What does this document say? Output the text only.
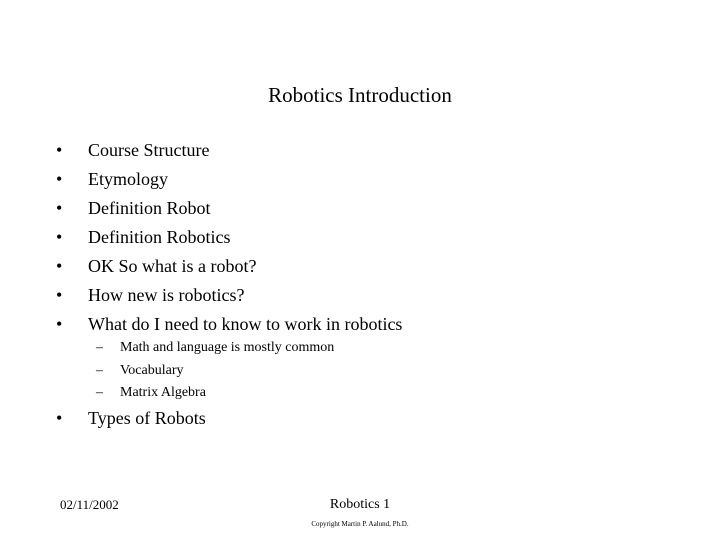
Robotics Introduction
•	Course Structure
•	Etymology
•	Definition Robot
•	Definition Robotics
•	OK So what is a robot?
•	How new is robotics?
•	What do I need to know to work in robotics
– Math and language is mostly common
– Vocabulary
– Matrix Algebra
•	Types of Robots
02/11/2002	Robotics 1
Copyright Martin P. Aalund, Ph.D.
